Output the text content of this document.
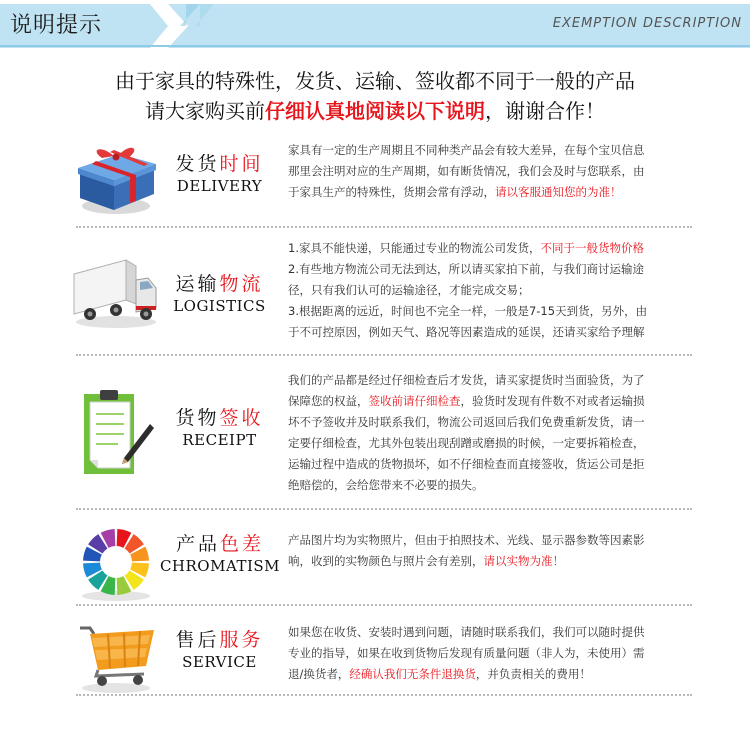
说明提示	EXEMPTION DESCRIPTION
由于家具的特殊性，发货、运输、签收都不同于一般的产品
请大家购买前仔细认真地阅读以下说明，谢谢合作！
发货时间
DELIVERY

家具有一定的生产周期且不同种类产品会有较大差异，在每个宝贝信息

那里会注明对应的生产周期，如有断货情况，我们会及时与您联系，由

于家具生产的特殊性，货期会常有浮动，请以客服通知您的为准！

运输物流
LOGISTICS

1.家具不能快递，只能通过专业的物流公司发货，不同于一般货物价格

2.有些地方物流公司无法到达，所以请买家拍下前，与我们商讨运输途

径，只有我们认可的运输途径，才能完成交易；

3.根据距离的远近，时间也不完全一样，一般是7-15天到货，另外，由

于不可控原因，例如天气、路况等因素造成的延误，还请买家给予理解

货物签收
RECEIPT

我们的产品都是经过仔细检查后才发货，请买家提货时当面验货，为了

保障您的权益，签收前请仔细检查，验货时发现有件数不对或者运输损

坏不予签收并及时联系我们，物流公司返回后我们免费重新发货，请一

定要仔细检查，尤其外包装出现刮蹭或磨损的时候，一定要拆箱检查，

运输过程中造成的货物损坏，如不仔细检查而直接签收，货运公司是拒

绝赔偿的，会给您带来不必要的损失。

产品色差
CHROMATISM

产品图片均为实物照片，但由于拍照技术、光线、显示器参数等因素影

响，收到的实物颜色与照片会有差别，请以实物为准！

售后服务
SERVICE

如果您在收货、安装时遇到问题，请随时联系我们，我们可以随时提供

专业的指导，如果在收到货物后发现有质量问题（非人为，未使用）需

退/换货者，经确认我们无条件退换货，并负责相关的费用！
